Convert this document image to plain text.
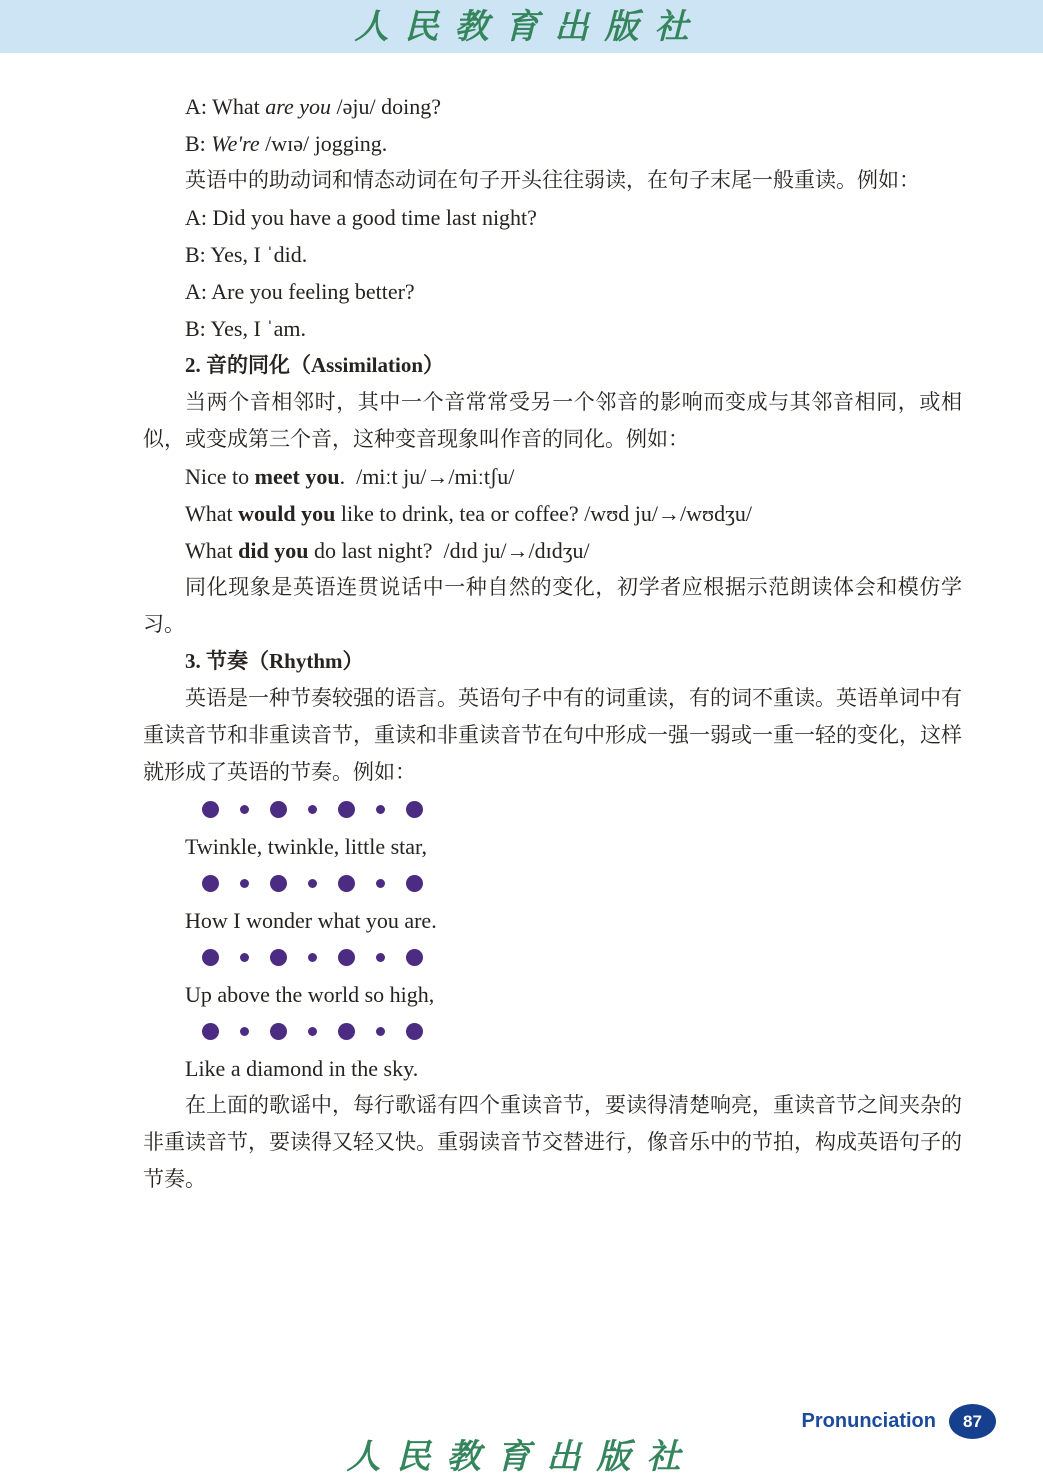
人民教育出版社

A: What are you /əju/ doing?

B: We're /wɪə/ jogging.

英语中的助动词和情态动词在句子开头往往弱读，在句子末尾一般重读。例如：

A: Did you have a good time last night?

B: Yes, I ˈdid.

A: Are you feeling better?

B: Yes, I ˈam.

2. 音的同化（Assimilation）

当两个音相邻时，其中一个音常常受另一个邻音的影响而变成与其邻音相同，或相似，或变成第三个音，这种变音现象叫作音的同化。例如：

Nice to meet you.  /miːt ju/→/miːtʃu/

What would you like to drink, tea or coffee? /wʊd ju/→/wʊdʒu/

What did you do last night?  /dɪd ju/→/dɪdʒu/

同化现象是英语连贯说话中一种自然的变化，初学者应根据示范朗读体会和模仿学习。

3. 节奏（Rhythm）

英语是一种节奏较强的语言。英语句子中有的词重读，有的词不重读。英语单词中有重读音节和非重读音节，重读和非重读音节在句中形成一强一弱或一重一轻的变化，这样就形成了英语的节奏。例如：

Twinkle, twinkle, little star,

How I wonder what you are.

Up above the world so high,

Like a diamond in the sky.

在上面的歌谣中，每行歌谣有四个重读音节，要读得清楚响亮，重读音节之间夹杂的非重读音节，要读得又轻又快。重弱读音节交替进行，像音乐中的节拍，构成英语句子的节奏。

Pronunciation	87
人民教育出版社
